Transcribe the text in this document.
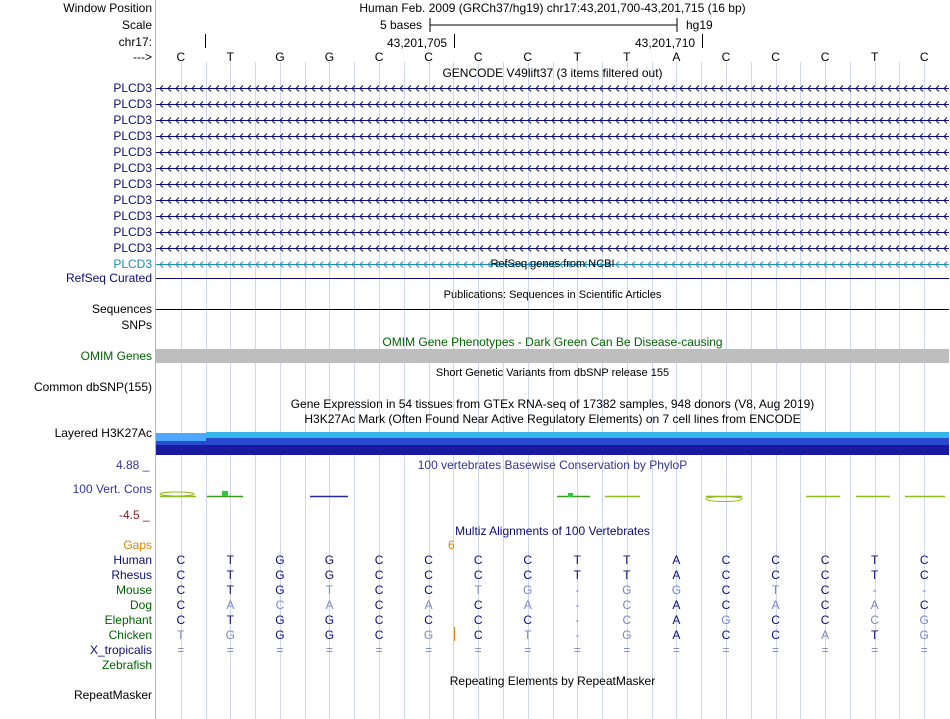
Window Position	Human Feb. 2009 (GRCh37/hg19) chr17:43,201,700-43,201,715 (16 bp)
Scale	5 bases	hg19
chr17:	43,201,705	43,201,710
---> C	T	G	G	C	C	C	C	T	T	A	C	C	C	T	C
GENCODE V49lift37 (3 items filtered out)
PLCD3
PLCD3
PLCD3
PLCD3
PLCD3
PLCD3
PLCD3
PLCD3
PLCD3
PLCD3
PLCD3
PLCD3	RefSeq genes from NCBI
RefSeq Curated
Publications: Sequences in Scientific Articles
Sequences
SNPs
OMIM Gene Phenotypes - Dark Green Can Be Disease-causing
OMIM Genes
Short Genetic Variants from dbSNP release 155
Common dbSNP(155)
Gene Expression in 54 tissues from GTEx RNA-seq of 17382 samples, 948 donors (V8, Aug 2019)
H3K27Ac Mark (Often Found Near Active Regulatory Elements) on 7 cell lines from ENCODE
Layered H3K27Ac
100 vertebrates Basewise Conservation by PhyloP
4.88 _
100 Vert. Cons
-4.5 _
Multiz Alignments of 100 Vertebrates
Gaps	6
Human C	T	G	G	C	C	C	C	T	T	A	C	C	C	T	C
Rhesus C	T	G	G	C	C	C	C	T	T	A	C	C	C	T	C
Mouse C	T	G	T	C	C	T	G	-	G	G	C	T	C	-	-
Dog C	A	C	A	C	A	C	A	-	C	A	C	A	C	A	C
Elephant C	T	G	G	C	C	C	C	-	C	A	G	C	C	C	G
Chicken T	G	G	G	C	G	C	T	-	G	A	C	C	A	T	G
X_tropicalis =	=	=	=	=	=	=	=	=	=	=	=	=	=	=	=
Zebrafish
Repeating Elements by RepeatMasker
RepeatMasker
